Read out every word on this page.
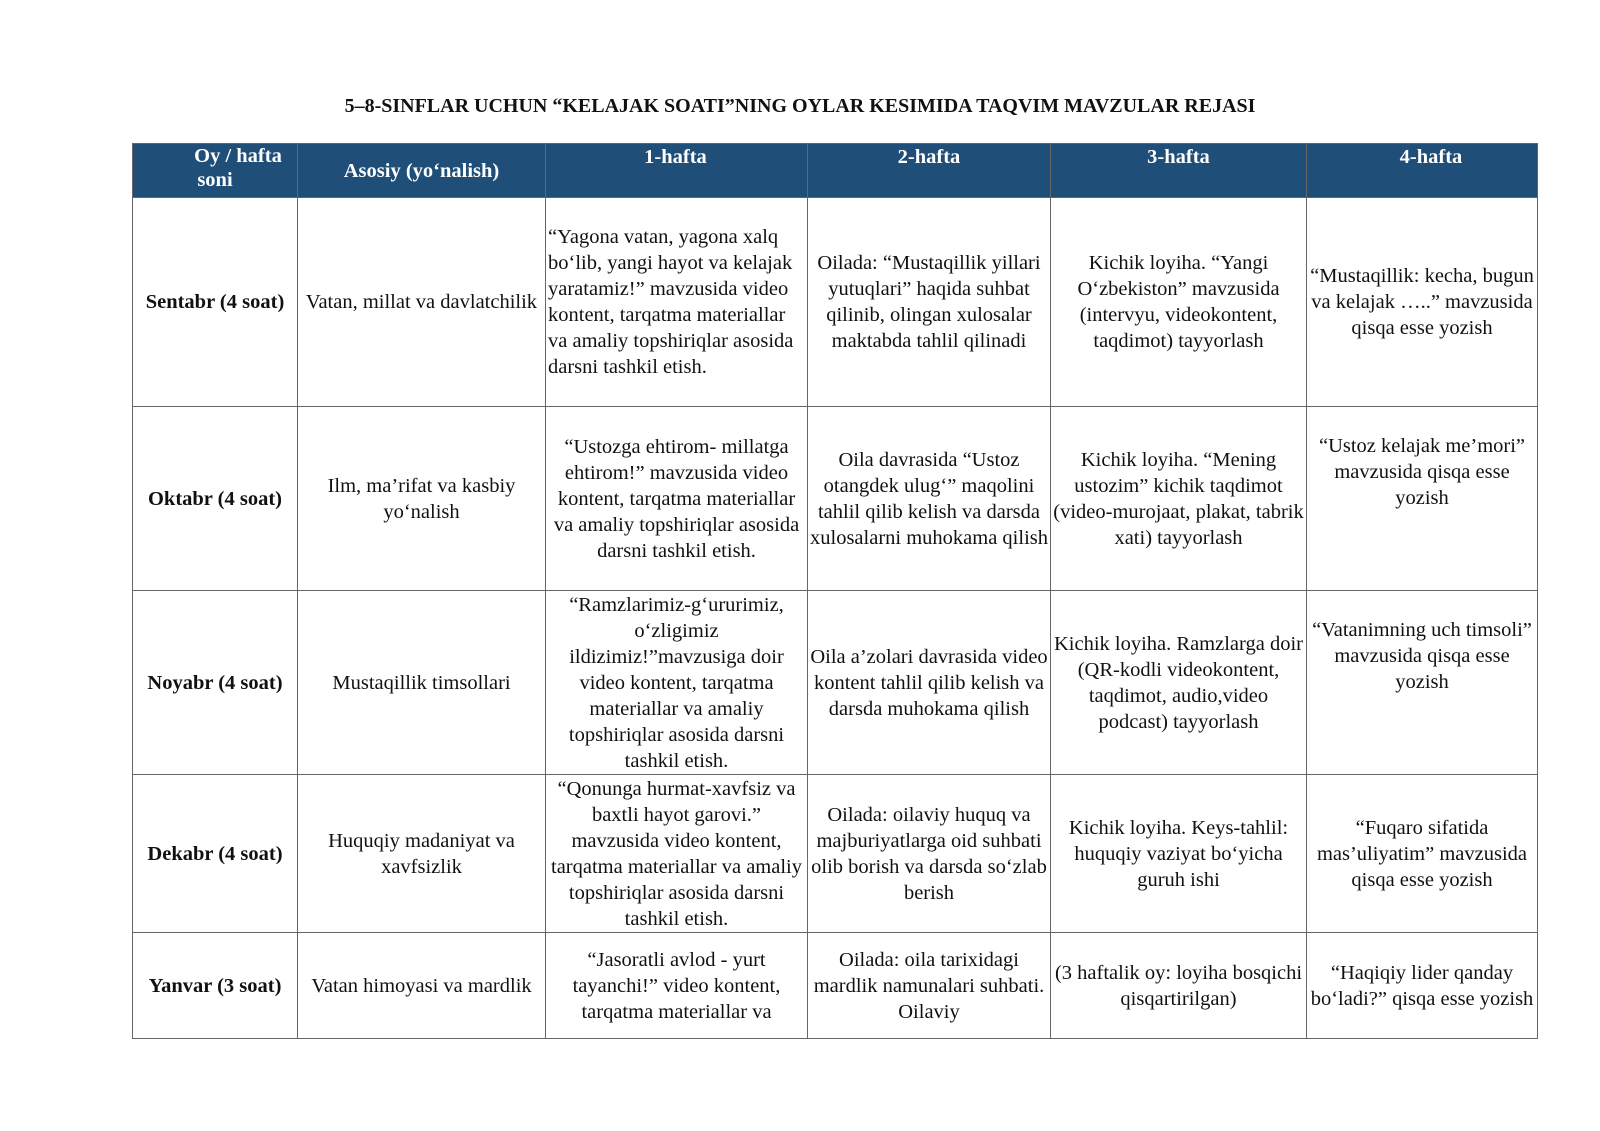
5–8-SINFLAR UCHUN “KELAJAK SOATI”NING OYLAR KESIMIDA TAQVIM MAVZULAR REJASI
Oy / hafta
soni	Asosiy (yo‘nalish)	1-hafta	2-hafta	3-hafta	4-hafta
Sentabr (4 soat)	Vatan, millat va davlatchilik	“Yagona vatan, yagona xalq bo‘lib, yangi hayot va kelajak yaratamiz!” mavzusida video kontent, tarqatma materiallar va amaliy topshiriqlar asosida darsni tashkil etish.	Oilada: “Mustaqillik yillari yutuqlari” haqida suhbat qilinib, olingan xulosalar maktabda tahlil qilinadi	Kichik loyiha. “Yangi O‘zbekiston” mavzusida (intervyu, videokontent, taqdimot) tayyorlash	“Mustaqillik: kecha, bugun va kelajak …..” mavzusida qisqa esse yozish
Oktabr (4 soat)	Ilm, ma’rifat va kasbiy yo‘nalish	“Ustozga ehtirom- millatga ehtirom!” mavzusida video kontent, tarqatma materiallar va amaliy topshiriqlar asosida darsni tashkil etish.	Oila davrasida “Ustoz otangdek ulug‘” maqolini tahlil qilib kelish va darsda xulosalarni muhokama qilish	Kichik loyiha. “Mening ustozim” kichik taqdimot (video-murojaat, plakat, tabrik xati) tayyorlash	“Ustoz kelajak me’mori” mavzusida qisqa esse yozish
Noyabr (4 soat)	Mustaqillik timsollari	“Ramzlarimiz-g‘ururimiz, o‘zligimiz ildizimiz!”mavzusiga doir video kontent, tarqatma materiallar va amaliy topshiriqlar asosida darsni tashkil etish.	Oila a’zolari davrasida video kontent tahlil qilib kelish va darsda muhokama qilish	Kichik loyiha. Ramzlarga doir (QR-kodli videokontent, taqdimot, audio,video podcast) tayyorlash	“Vatanimning uch timsoli” mavzusida qisqa esse yozish
Dekabr (4 soat)	Huquqiy madaniyat va xavfsizlik	“Qonunga hurmat-xavfsiz va baxtli hayot garovi.” mavzusida video kontent, tarqatma materiallar va amaliy topshiriqlar asosida darsni tashkil etish.	Oilada: oilaviy huquq va majburiyatlarga oid suhbati olib borish va darsda so‘zlab berish	Kichik loyiha. Keys-tahlil: huquqiy vaziyat bo‘yicha guruh ishi	“Fuqaro sifatida mas’uliyatim” mavzusida qisqa esse yozish
Yanvar (3 soat)	Vatan himoyasi va mardlik	“Jasoratli avlod - yurt tayanchi!” video kontent, tarqatma materiallar va	Oilada: oila tarixidagi mardlik namunalari suhbati. Oilaviy	(3 haftalik oy: loyiha bosqichi qisqartirilgan)	“Haqiqiy lider qanday bo‘ladi?” qisqa esse yozish
